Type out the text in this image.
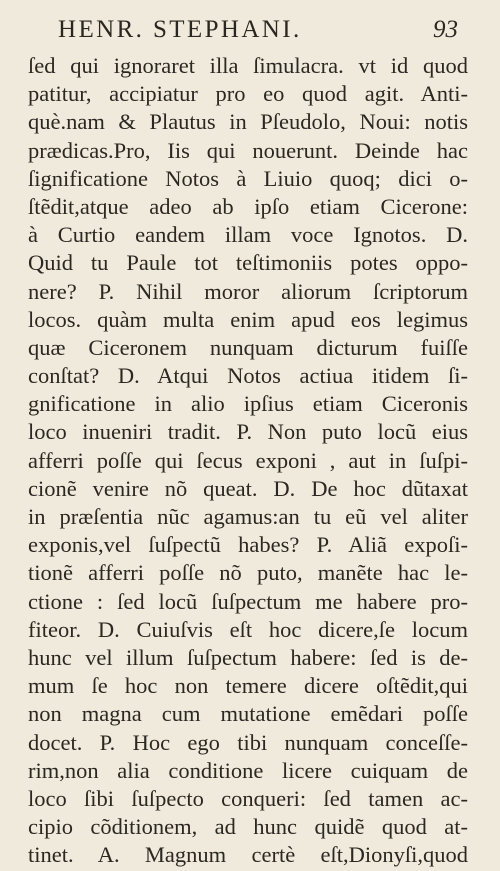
HENR. STEPHANI.	93
ſed qui ignoraret illa ſimulacra. vt id quod
patitur, accipiatur pro eo quod agit. Anti-
què.nam & Plautus in Pſeudolo, Noui: notis
prædicas.Pro, Iis qui nouerunt. Deinde hac
ſignificatione Notos à Liuio quoq; dici o-
ſtẽdit,atque adeo ab ipſo etiam Cicerone:
à Curtio eandem illam voce Ignotos. D.
Quid tu Paule tot teſtimoniis potes oppo-
nere? P. Nihil moror aliorum ſcriptorum
locos. quàm multa enim apud eos legimus
quæ Ciceronem nunquam dicturum fuiſſe
conſtat? D. Atqui Notos actiua itidem ſi-
gnificatione in alio ipſius etiam Ciceronis
loco inueniri tradit. P. Non puto locũ eius
afferri poſſe qui ſecus exponi , aut in ſuſpi-
cionẽ venire nõ queat. D. De hoc dũtaxat
in præſentia nũc agamus:an tu eũ vel aliter
exponis,vel ſuſpectũ habes? P. Aliã expoſi-
tionẽ afferri poſſe nõ puto, manẽte hac le-
ctione : ſed locũ ſuſpectum me habere pro-
fiteor. D. Cuiuſvis eſt hoc dicere,ſe locum
hunc vel illum ſuſpectum habere: ſed is de-
mum ſe hoc non temere dicere oſtẽdit,qui
non magna cum mutatione emẽdari poſſe
docet. P. Hoc ego tibi nunquam conceſſe-
rim,non alia conditione licere cuiquam de
loco ſibi ſuſpecto conqueri: ſed tamen ac-
cipio cõditionem, ad hunc quidẽ quod at-
tinet. A. Magnum certè eſt,Dionyſi,quod
